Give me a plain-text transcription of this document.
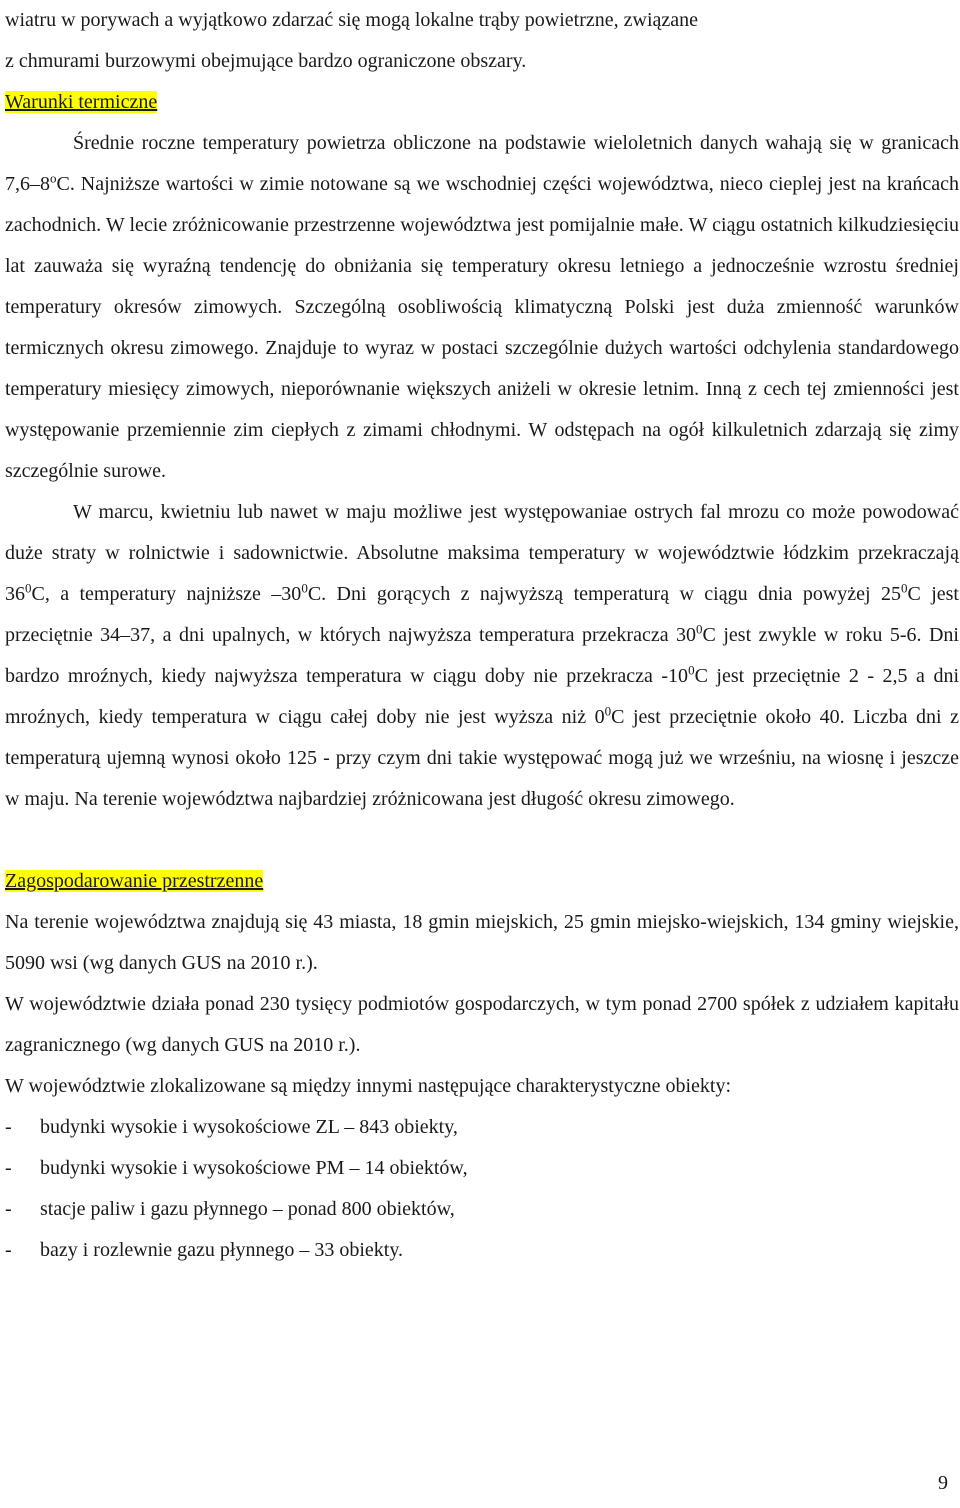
wiatru w porywach a wyjątkowo zdarzać się mogą lokalne trąby powietrzne, związane
z chmurami burzowymi obejmujące bardzo ograniczone obszary.

Warunki termiczne

Średnie roczne temperatury powietrza obliczone na podstawie wieloletnich danych wahają się w granicach 7,6–8$^o$C. Najniższe wartości w zimie notowane są we wschodniej części województwa, nieco cieplej jest na krańcach zachodnich. W lecie zróżnicowanie przestrzenne województwa jest pomijalnie małe. W ciągu ostatnich kilkudziesięciu lat zauważa się wyraźną tendencję do obniżania się temperatury okresu letniego a jednocześnie wzrostu średniej temperatury okresów zimowych. Szczególną osobliwością klimatyczną Polski jest duża zmienność warunków termicznych okresu zimowego. Znajduje to wyraz w postaci szczególnie dużych wartości odchylenia standardowego temperatury miesięcy zimowych, nieporównanie większych aniżeli w okresie letnim. Inną z cech tej zmienności jest występowanie przemiennie zim ciepłych z zimami chłodnymi. W odstępach na ogół kilkuletnich zdarzają się zimy szczególnie surowe.

W marcu, kwietniu lub nawet w maju możliwe jest występowaniae ostrych fal mrozu co może powodować duże straty w rolnictwie i sadownictwie. Absolutne maksima temperatury w województwie łódzkim przekraczają $36^0C$, a temperatury najniższe $-30^0C$. Dni gorących z najwyższą temperaturą w ciągu dnia powyżej $25^0C$ jest przeciętnie 34–37, a dni upalnych, w których najwyższa temperatura przekracza $30^0C$ jest zwykle w roku 5-6. Dni bardzo mroźnych, kiedy najwyższa temperatura w ciągu doby nie przekracza $-10^0C$ jest przeciętnie 2 - 2,5 a dni mroźnych, kiedy temperatura w ciągu całej doby nie jest wyższa niż $0^0C$ jest przeciętnie około 40. Liczba dni z temperaturą ujemną wynosi około 125 - przy czym dni takie występować mogą już we wrześniu, na wiosnę i jeszcze w maju. Na terenie województwa najbardziej zróżnicowana jest długość okresu zimowego.

Zagospodarowanie przestrzenne

Na terenie województwa znajdują się 43 miasta, 18 gmin miejskich, 25 gmin miejsko-wiejskich, 134 gminy wiejskie, 5090 wsi (wg danych GUS na 2010 r.).

W województwie działa ponad 230 tysięcy podmiotów gospodarczych, w tym ponad 2700 spółek z udziałem kapitału zagranicznego (wg danych GUS na 2010 r.).

W województwie zlokalizowane są między innymi następujące charakterystyczne obiekty:

-	budynki wysokie i wysokościowe ZL – 843 obiekty,
-	budynki wysokie i wysokościowe PM – 14 obiektów,
-	stacje paliw i gazu płynnego – ponad 800 obiektów,
-	bazy i rozlewnie gazu płynnego – 33 obiekty.
9
